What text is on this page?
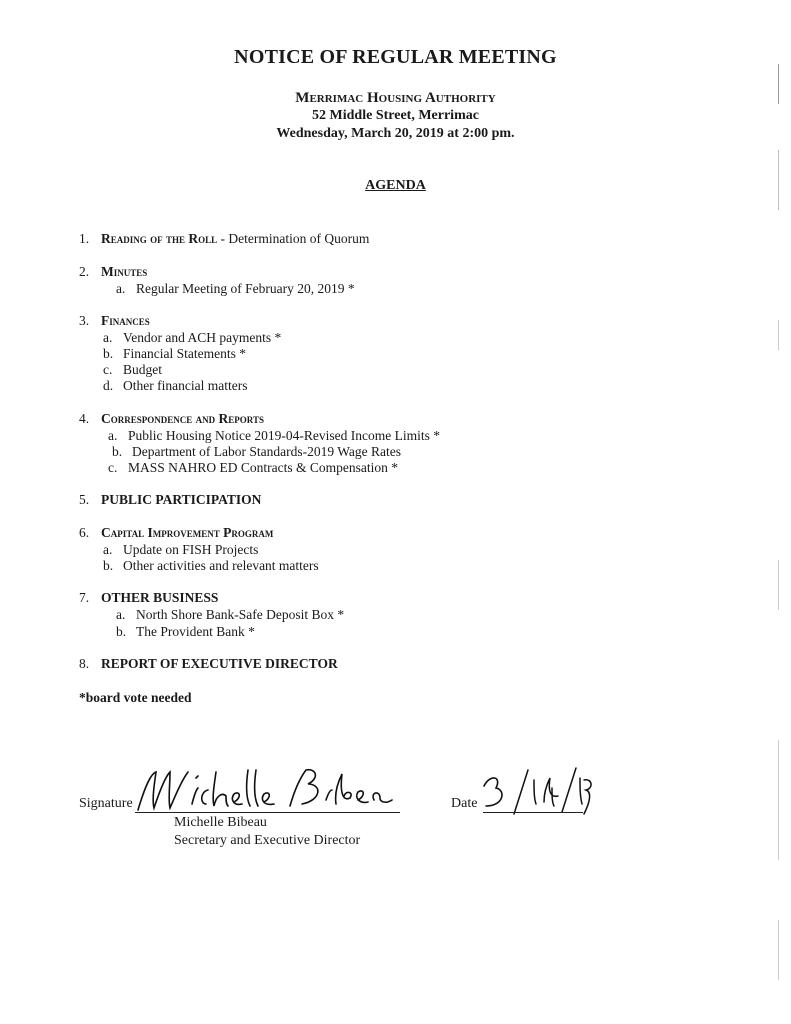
NOTICE OF REGULAR MEETING
Merrimac Housing Authority
52 Middle Street, Merrimac
Wednesday, March 20, 2019 at 2:00 pm.
AGENDA
1. Reading of the Roll - Determination of Quorum
2. Minutes
a. Regular Meeting of February 20, 2019 *
3. Finances
a. Vendor and ACH payments *
b. Financial Statements *
c. Budget
d. Other financial matters
4. Correspondence and Reports
a. Public Housing Notice 2019-04-Revised Income Limits *
b. Department of Labor Standards-2019 Wage Rates
c. MASS NAHRO ED Contracts & Compensation *
5. PUBLIC PARTICIPATION
6. Capital Improvement Program
a. Update on FISH Projects
b. Other activities and relevant matters
7. OTHER BUSINESS
a. North Shore Bank-Safe Deposit Box *
b. The Provident Bank *
8. REPORT OF EXECUTIVE DIRECTOR
*board vote needed
Signature
Michelle Bibeau
Secretary and Executive Director
Date
